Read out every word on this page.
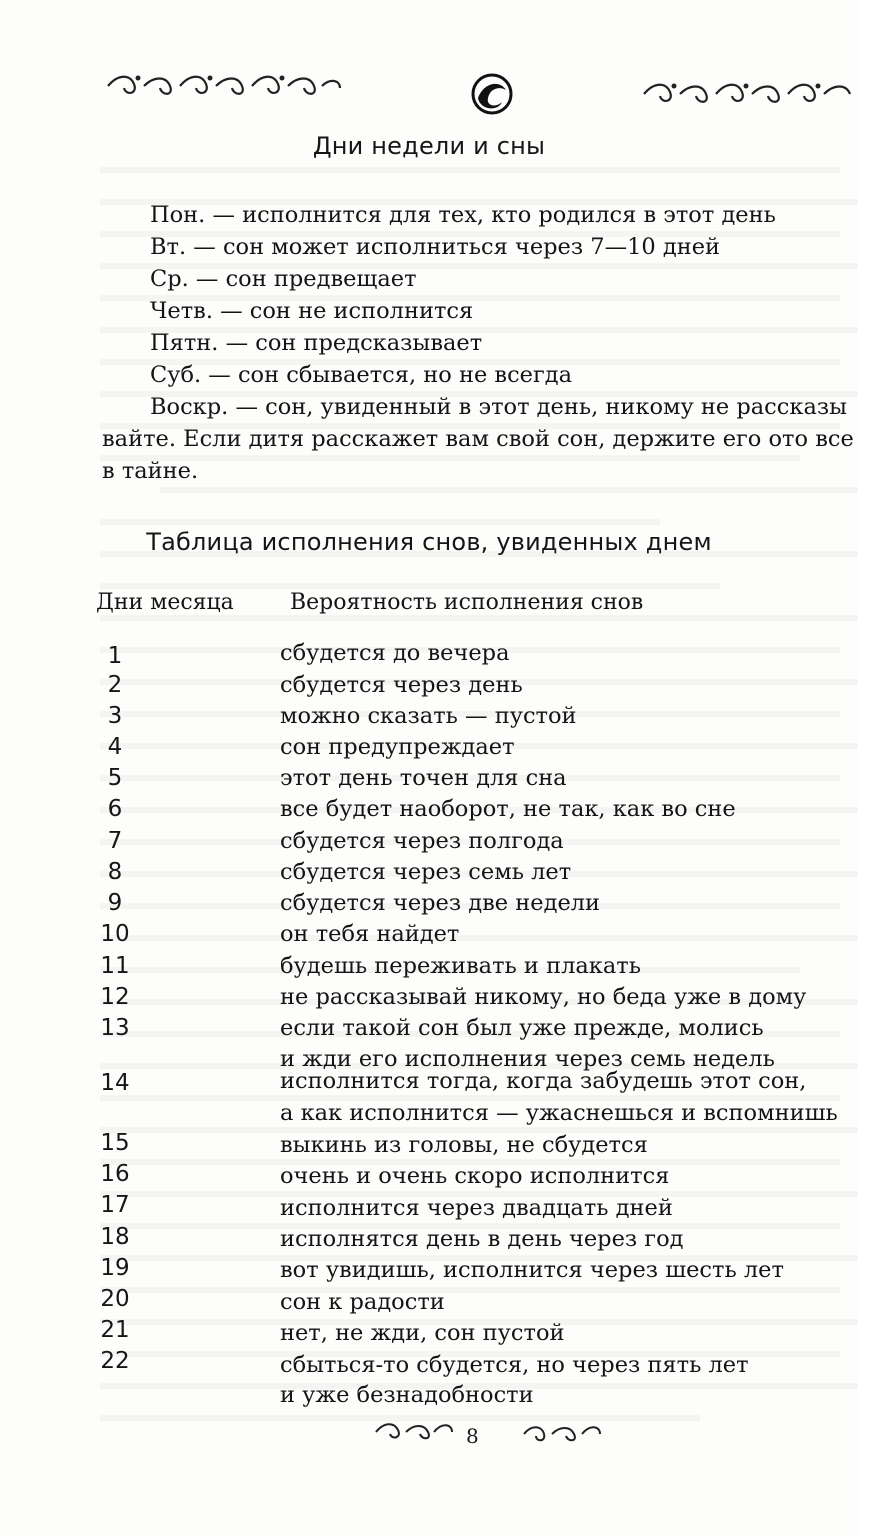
Дни недели и сны
Пон. — исполнится для тех, кто родился в этот день
Вт. — сон может исполниться через 7—10 дней
Ср. — сон предвещает
Четв. — сон не исполнится
Пятн. — сон предсказывает
Суб. — сон сбывается, но не всегда
Воскр. — сон, увиденный в этот день, никому не рассказы
вайте. Если дитя расскажет вам свой сон, держите его ото все
в тайне.
Таблица исполнения снов, увиденных днем
Дни месяца	Вероятность исполнения снов
1	сбудется до вечера
2	сбудется через день
3	можно сказать — пустой
4	сон предупреждает
5	этот день точен для сна
6	все будет наоборот, не так, как во сне
7	сбудется через полгода
8	сбудется через семь лет
9	сбудется через две недели
10	он тебя найдет
11	будешь переживать и плакать
12	не рассказывай никому, но беда уже в дому
13	если такой сон был уже прежде, молись
и жди его исполнения через семь недель
14	исполнится тогда, когда забудешь этот сон,
а как исполнится — ужаснешься и вспомнишь
15	выкинь из головы, не сбудется
16	очень и очень скоро исполнится
17	исполнится через двадцать дней
18	исполнятся день в день через год
19	вот увидишь, исполнится через шесть лет
20	сон к радости
21	нет, не жди, сон пустой
22	сбыться-то сбудется, но через пять лет
и уже безнадобности
8
